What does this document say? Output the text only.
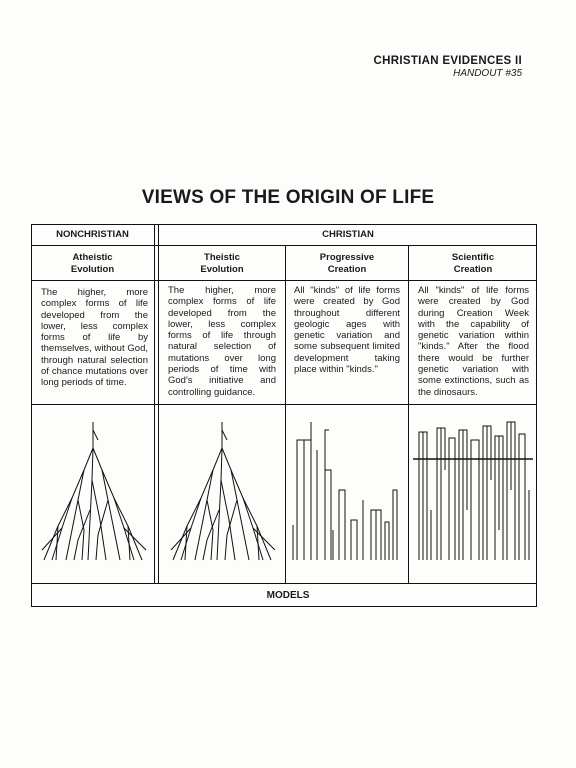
CHRISTIAN EVIDENCES II
HANDOUT #35
VIEWS OF THE ORIGIN OF LIFE
NONCHRISTIAN	CHRISTIAN
Atheistic
Evolution
Theistic
Evolution
Progressive
Creation
Scientific
Creation
The higher, more complex forms of life developed from the lower, less complex forms of life by themselves, without God, through natural selection of chance mutations over long periods of time.
The higher, more complex forms of life developed from the lower, less complex forms of life through natural selection of mutations over long periods of time with God's initiative and controlling guidance.
All "kinds" of life forms were created by God throughout different geologic ages with genetic variation and some subsequent limited development taking place within "kinds."
All "kinds" of life forms were created by God during Creation Week with the capability of genetic variation within "kinds." After the flood there would be further genetic variation with some extinctions, such as the dinosaurs.
MODELS
